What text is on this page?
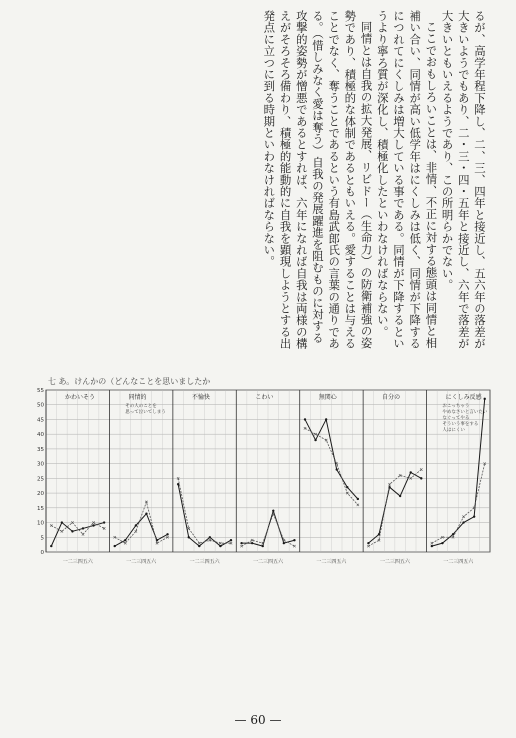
るが、高学年程下降し、二、三、四年と接近し、五六年の落差が大きいようでもあり、二・三・四・五年と接近し、六年で落差が大きいともいえるようであり、この所明らかでない。

ここでおもしろいことは、非情、不正に対する態頭は同情と相補い合い、同情が高い低学年はにくしみは低く、同情が下降するにつれてにくしみは増大している事である。同情が下降するというより寧ろ質が深化し、積極化したといわなければならない。

同情とは自我の拡大発展、リビドー（生命力）の防衛補強の姿勢であり、積極的な体制であるともいえる。愛することは与えることでなく、奪うことであるという有島武郎氏の言葉の通りである。（惜しみなく愛は奪う）自我の発展躍進を阻むものに対する攻撃的姿勢が憎悪であるとすれば、六年になれば自我は両様の構えがそろそろ備わり、積極的能動的に自我を顕現しようとする出発点に立つに到る時期といわなければならない。

七 あ。けんかの（どんなことを思いましたか
0
5
10
15
20
25
30
35
40
45
50
55
かわいそう
一二三四五六
同情的
その人のことを
思って泣いてしまう
一二三四五六
不愉快
一二三四五六
こわい
一二三四五六
無関心
一二三四五六
自分の
一二三四五六
にくしみ反感
おこっちゃう
やめなさいと言いたい
なぐってやる
そういう事をする
人はにくい
一二三四五六
— 60 —
